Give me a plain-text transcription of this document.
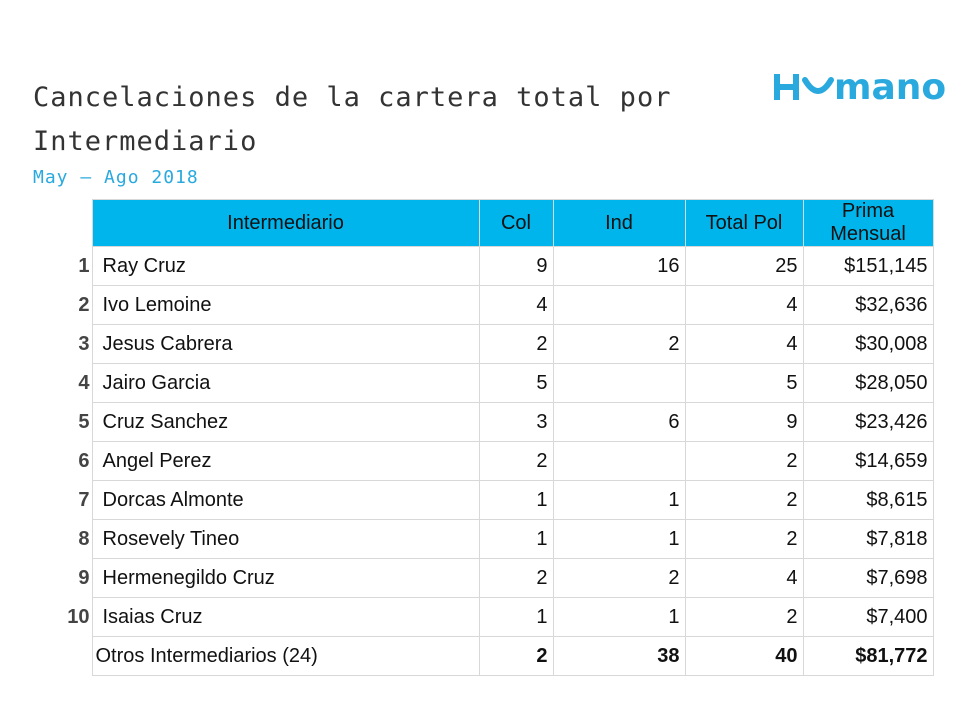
Cancelaciones de la cartera total por Intermediario
May – Ago 2018
mano
	Intermediario	Col	Ind	Total Pol	Prima Mensual
1	Ray Cruz	9	16	25	$151,145
2	Ivo Lemoine	4		4	$32,636
3	Jesus Cabrera	2	2	4	$30,008
4	Jairo Garcia	5		5	$28,050
5	Cruz Sanchez	3	6	9	$23,426
6	Angel Perez	2		2	$14,659
7	Dorcas Almonte	1	1	2	$8,615
8	Rosevely Tineo	1	1	2	$7,818
9	Hermenegildo Cruz	2	2	4	$7,698
10	Isaias Cruz	1	1	2	$7,400
	Otros Intermediarios (24)	2	38	40	$81,772
